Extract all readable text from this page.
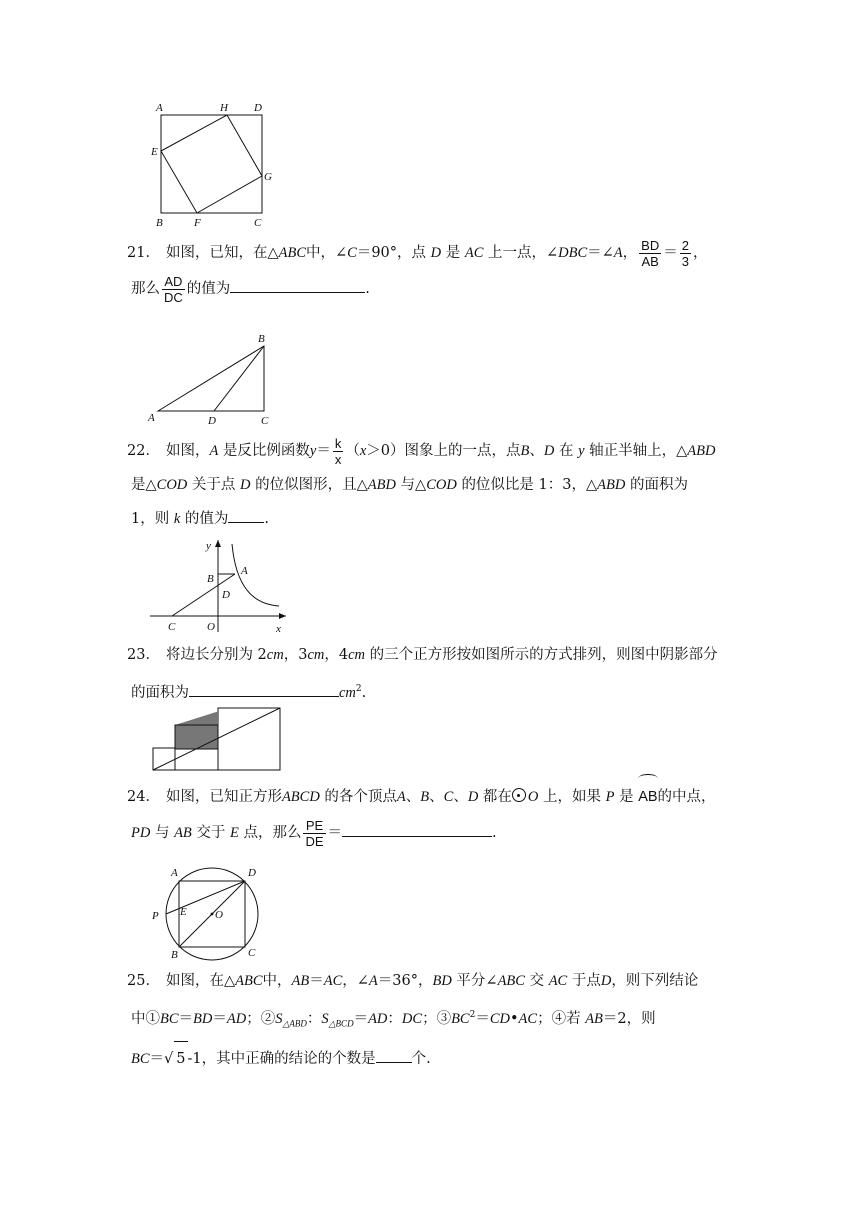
A	H D
E
G
B	F	C
21． 如图，已知，在△ABC中，∠C＝90°，点 D 是 AC 上一点，∠DBC＝∠A， $\frac{BD}{AB} = \frac{2}{3}$ ，
那么 $\frac{AD}{DC}$ 的值为	.
B
A	D	C
22． 如图，A 是反比例函数$y= \frac{k}{x} (x>0)$图象上的一点，点B、D 在 y 轴正半轴上，△ABD
是△COD 关于点 D 的位似图形，且△ABD 与△COD 的位似比是 1：3，△ABD 的面积为
1，则 k 的值为 .
y
B
A
D
C	O	x
23． 将边长分别为 2cm，3cm，4cm 的三个正方形按如图所示的方式排列，则图中阴影部分
的面积为	$cm^2$.
24． 如图，已知正方形ABCD 的各个顶点A、B、C、D 都在 O 上，如果 P 是 AB的中点，
PD 与 AB 交于 E 点，那么 $\frac{PE}{DE}$ ＝	.
A	D
P E	O
B	C
25． 如图，在△ABC中，AB＝AC，∠A＝36°，BD 平分∠ABC 交 AC 于点D，则下列结论
中①BC＝BD＝AD；$②S_{\triangle ABD}$：$S_{\triangle BCD}=AD$：DC；$③BC^2=CD•AC$；④若 AB＝2，则
BC＝√ 5 ‐1，其中正确的结论的个数是 个.
